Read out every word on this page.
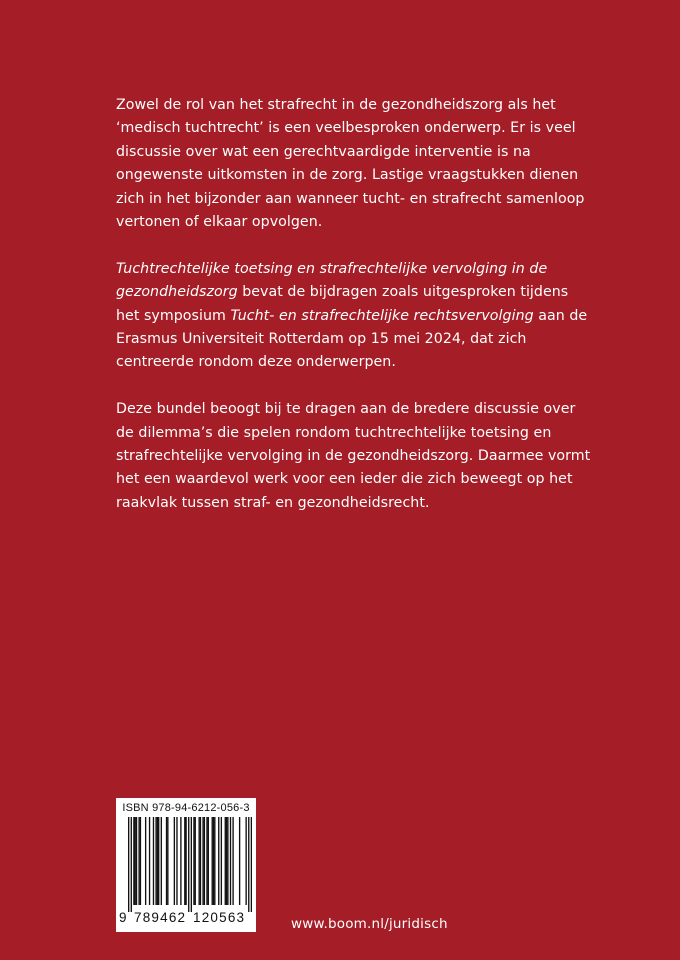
Zowel de rol van het strafrecht in de gezondheidszorg als het ‘medisch tuchtrecht’ is een veelbesproken onderwerp. Er is veel discussie over wat een gerechtvaardigde interventie is na ongewenste uitkomsten in de zorg. Lastige vraagstukken dienen zich in het bijzonder aan wanneer tucht- en strafrecht samenloop vertonen of elkaar opvolgen.

Tuchtrechtelijke toetsing en strafrechtelijke vervolging in de gezondheidszorg bevat de bijdragen zoals uitgesproken tijdens het symposium Tucht- en strafrechtelijke rechtsvervolging aan de Erasmus Universiteit Rotterdam op 15 mei 2024, dat zich centreerde rondom deze onderwerpen.

Deze bundel beoogt bij te dragen aan de bredere discussie over de dilemma’s die spelen rondom tuchtrechtelijke toetsing en strafrechtelijke vervolging in de gezondheidszorg. Daarmee vormt het een waardevol werk voor een ieder die zich beweegt op het raakvlak tussen straf- en gezondheidsrecht.

ISBN 978-94-6212-056-3
9 789462 120563	www.boom.nl/juridisch
